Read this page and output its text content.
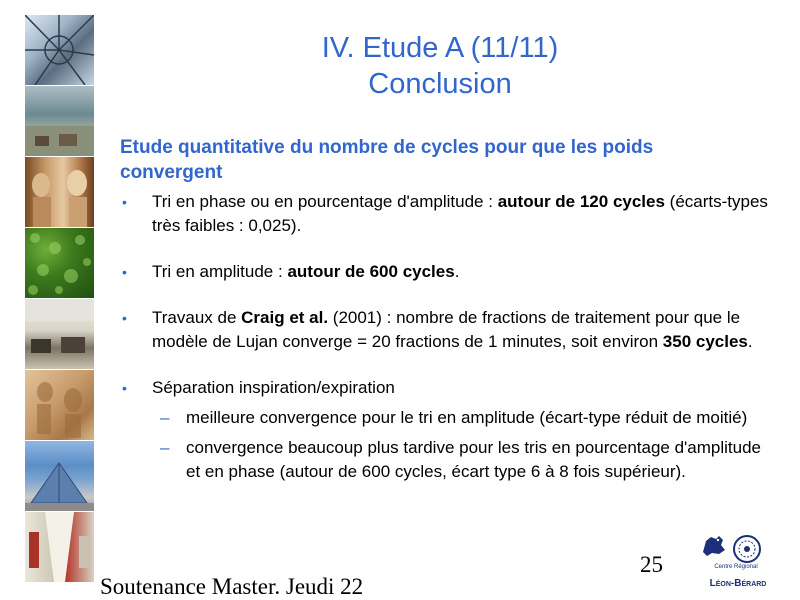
IV. Etude A (11/11)
Conclusion
Etude quantitative du nombre de cycles pour que les poids convergent
• Tri en phase ou en pourcentage d'amplitude : autour de 120 cycles (écarts-types très faibles : 0,025).
• Tri en amplitude : autour de 600 cycles.
• Travaux de Craig et al. (2001) : nombre de fractions de traitement pour que le modèle de Lujan converge = 20 fractions de 1 minutes, soit environ 350 cycles.
• Séparation inspiration/expiration
– meilleure convergence pour le tri en amplitude (écart-type réduit de moitié)
– convergence beaucoup plus tardive pour les tris en pourcentage d'amplitude et en phase (autour de 600 cycles, écart type 6 à 8 fois supérieur).
25
Soutenance Master. Jeudi 22
Centre Régional
Léon-Bérard
